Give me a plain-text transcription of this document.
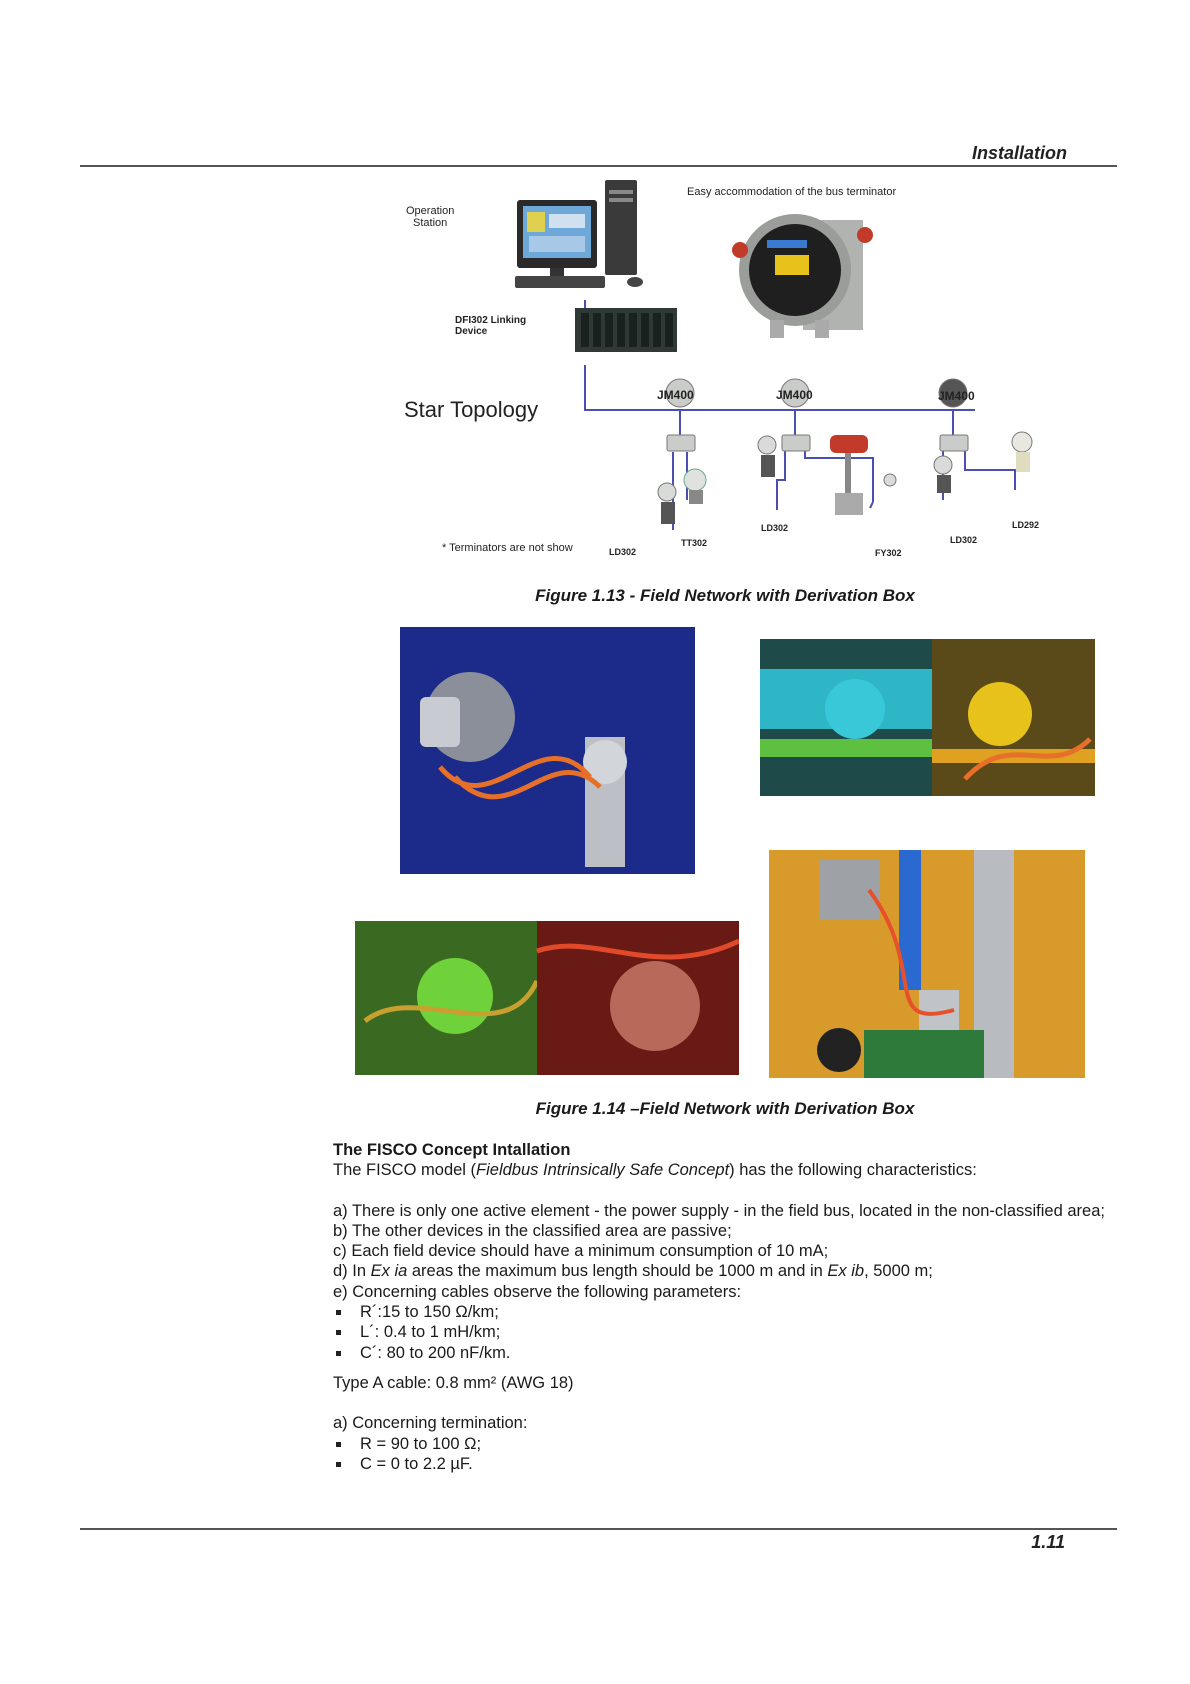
Installation
Operation
Station
Easy accommodation of the bus terminator
DFI302 Linking
Device
Star Topology
* Terminators are not show
JM400	JM400	JM400
LD302
TT302
LD302
FY302
LD302
LD292
Figure 1.13 - Field Network with Derivation Box
Figure 1.14 –Field Network with Derivation Box

The FISCO Concept Intallation

The FISCO model (Fieldbus Intrinsically Safe Concept) has the following characteristics:

a) There is only one active element - the power supply - in the field bus, located in the non-classified area;

b) The other devices in the classified area are passive;

c) Each field device should have a minimum consumption of 10 mA;

d) In Ex ia areas the maximum bus length should be 1000 m and in Ex ib, 5000 m;

e) Concerning cables observe the following parameters:

R´:15 to 150 Ω/km;
L´: 0.4 to 1 mH/km;
C´: 80 to 200 nF/km.

Type A cable: 0.8 mm² (AWG 18)

a) Concerning termination:

R = 90 to 100 Ω;
C = 0 to 2.2 µF.
1.11
